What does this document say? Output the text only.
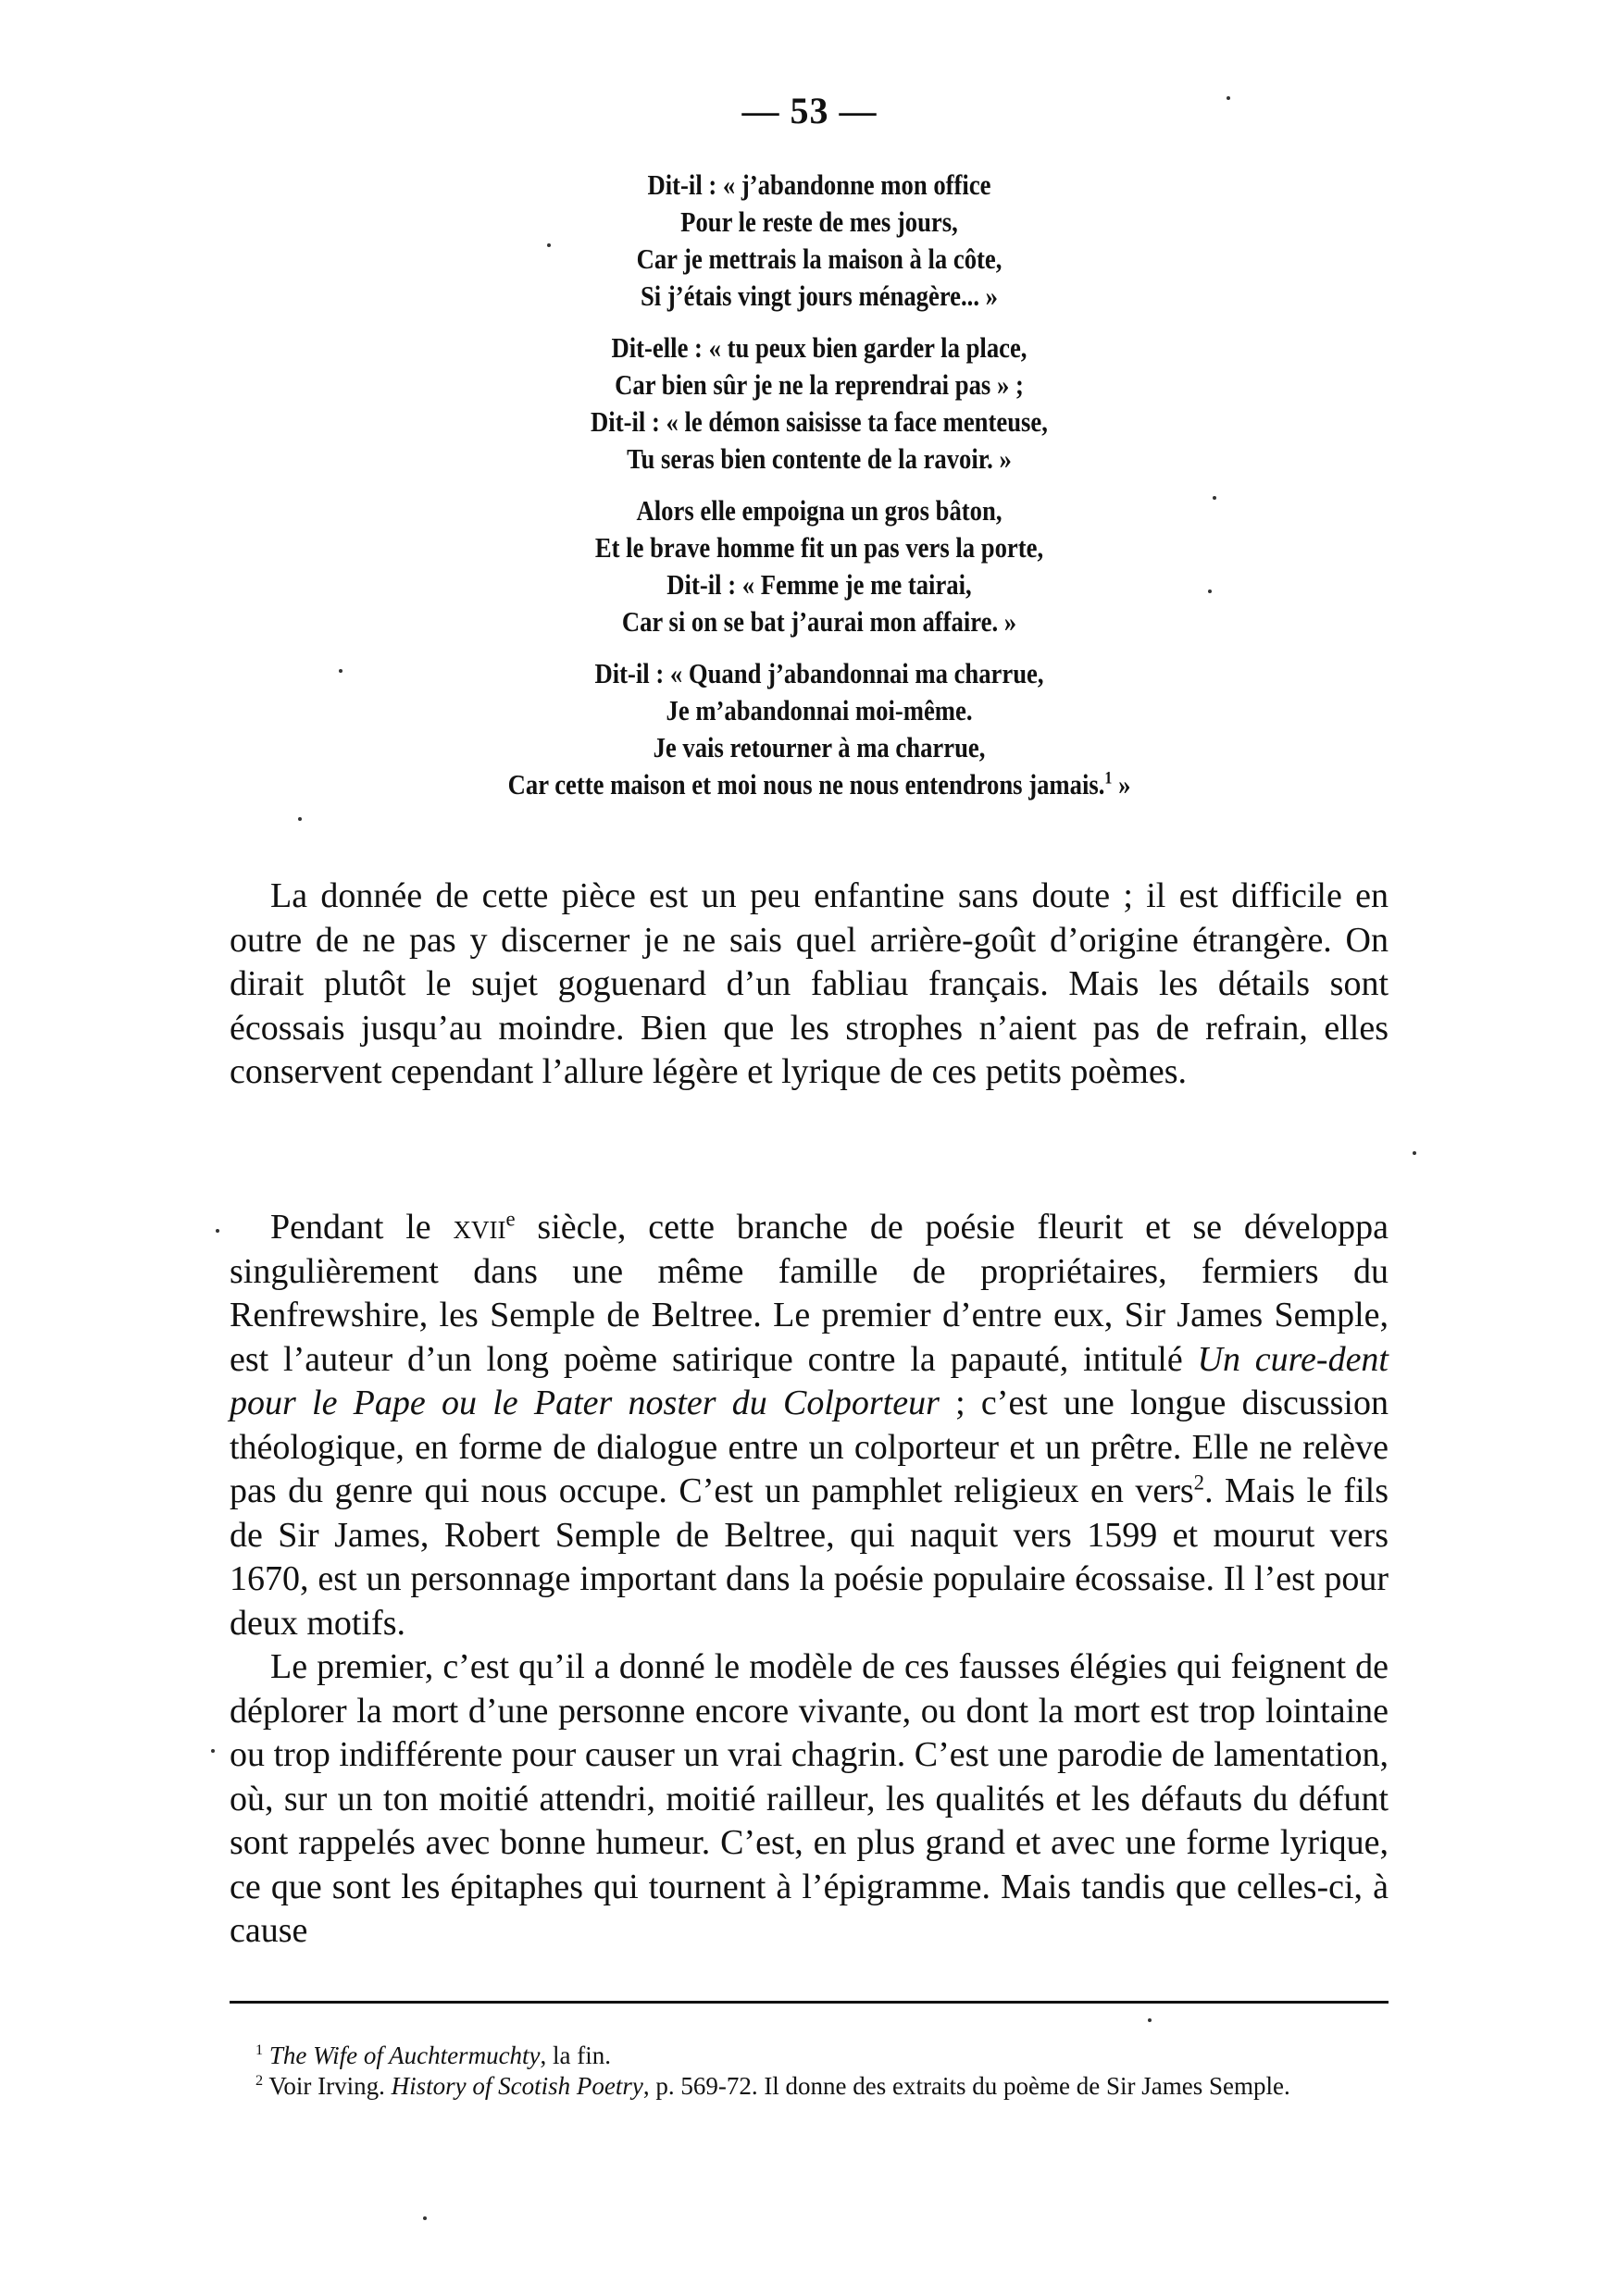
— 53 —
Dit-il : « j’abandonne mon office
Pour le reste de mes jours,
Car je mettrais la maison à la côte,
Si j’étais vingt jours ménagère... »
Dit-elle : « tu peux bien garder la place,
Car bien sûr je ne la reprendrai pas » ;
Dit-il : « le démon saisisse ta face menteuse,
Tu seras bien contente de la ravoir. »
Alors elle empoigna un gros bâton,
Et le brave homme fit un pas vers la porte,
Dit-il : « Femme je me tairai,
Car si on se bat j’aurai mon affaire. »
Dit-il : « Quand j’abandonnai ma charrue,
Je m’abandonnai moi-même.
Je vais retourner à ma charrue,
Car cette maison et moi nous ne nous entendrons jamais.$^1$ »

La donnée de cette pièce est un peu enfantine sans doute ; il est difficile en outre de ne pas y discerner je ne sais quel arrière-goût d’origine étrangère. On dirait plutôt le sujet goguenard d’un fabliau français. Mais les détails sont écossais jusqu’au moindre. Bien que les strophes n’aient pas de refrain, elles conservent cependant l’allure légère et lyrique de ces petits poèmes.

Pendant le xvii$^e$ siècle, cette branche de poésie fleurit et se développa singulièrement dans une même famille de propriétaires, fermiers du Renfrewshire, les Semple de Beltree. Le premier d’entre eux, Sir James Semple, est l’auteur d’un long poème satirique contre la papauté, intitulé Un cure-dent pour le Pape ou le Pater noster du Colporteur ; c’est une longue discussion théologique, en forme de dialogue entre un colporteur et un prêtre. Elle ne relève pas du genre qui nous occupe. C’est un pamphlet religieux en vers$^2$. Mais le fils de Sir James, Robert Semple de Beltree, qui naquit vers 1599 et mourut vers 1670, est un personnage important dans la poésie populaire écossaise. Il l’est pour deux motifs.

Le premier, c’est qu’il a donné le modèle de ces fausses élégies qui feignent de déplorer la mort d’une personne encore vivante, ou dont la mort est trop lointaine ou trop indifférente pour causer un vrai chagrin. C’est une parodie de lamentation, où, sur un ton moitié attendri, moitié railleur, les qualités et les défauts du défunt sont rappelés avec bonne humeur. C’est, en plus grand et avec une forme lyrique, ce que sont les épitaphes qui tournent à l’épigramme. Mais tandis que celles-ci, à cause

$^1$ The Wife of Auchtermuchty, la fin.

$^2$ Voir Irving. History of Scotish Poetry, p. 569-72. Il donne des extraits du poème de Sir James Semple.
